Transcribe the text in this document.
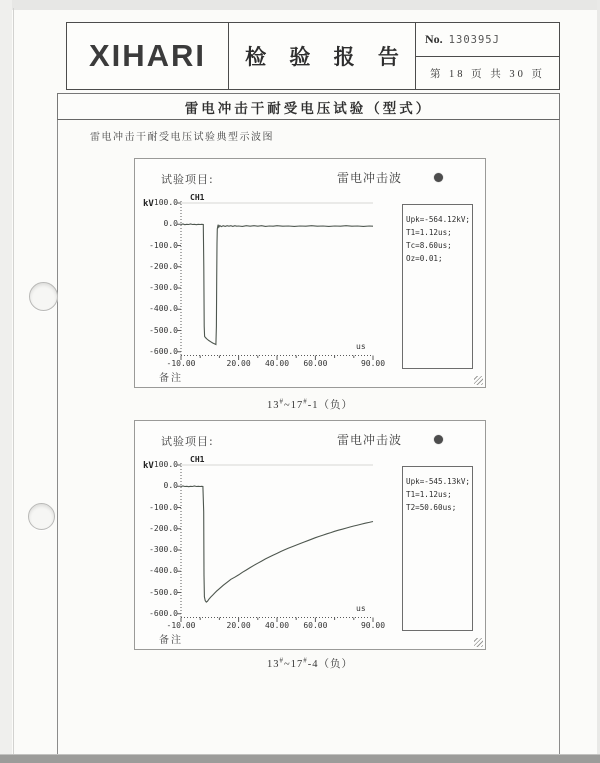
XIHARI	检 验 报 告
No. 130395J
第 18 页 共 30 页
雷电冲击干耐受电压试验（型式）
雷电冲击干耐受电压试验典型示波图
试验项目:	雷电冲击波
CH1
kV
us
Upk=-564.12kV;
T1=1.12us;
Tc=8.60us;
Oz=0.01;
备注
100.0
0.0
-100.0
-200.0
-300.0
-400.0
-500.0
-600.0
-10.00	20.00	40.00	60.00	90.00
13#~17#-1（负）
试验项目:	雷电冲击波
CH1
kV
us
Upk=-545.13kV;
T1=1.12us;
T2=50.60us;
备注
100.0
0.0
-100.0
-200.0
-300.0
-400.0
-500.0
-600.0
-10.00	20.00	40.00	60.00	90.00
13#~17#-4（负）
